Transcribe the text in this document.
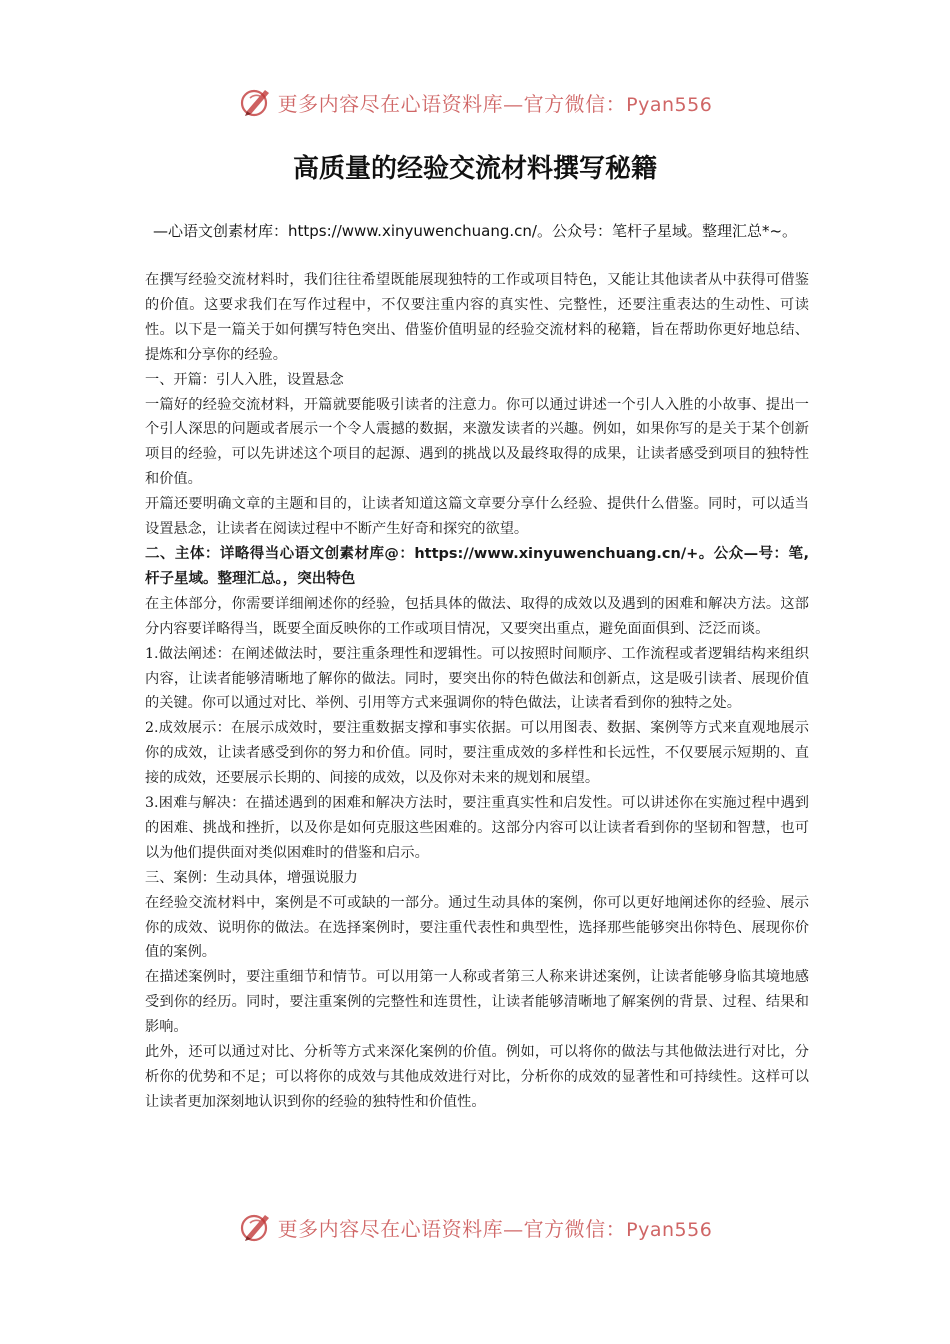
更多内容尽在心语资料库—官方微信：Pyan556
高质量的经验交流材料撰写秘籍

—心语文创素材库：https://www.xinyuwenchuang.cn/。公众号：笔杆子星域。整理汇总*~。

在撰写经验交流材料时，我们往往希望既能展现独特的工作或项目特色，又能让其他读者从中获得可借鉴的价值。这要求我们在写作过程中，不仅要注重内容的真实性、完整性，还要注重表达的生动性、可读性。以下是一篇关于如何撰写特色突出、借鉴价值明显的经验交流材料的秘籍，旨在帮助你更好地总结、提炼和分享你的经验。

一、开篇：引人入胜，设置悬念

一篇好的经验交流材料，开篇就要能吸引读者的注意力。你可以通过讲述一个引人入胜的小故事、提出一个引人深思的问题或者展示一个令人震撼的数据，来激发读者的兴趣。例如，如果你写的是关于某个创新项目的经验，可以先讲述这个项目的起源、遇到的挑战以及最终取得的成果，让读者感受到项目的独特性和价值。

开篇还要明确文章的主题和目的，让读者知道这篇文章要分享什么经验、提供什么借鉴。同时，可以适当设置悬念，让读者在阅读过程中不断产生好奇和探究的欲望。

二、主体：详略得当心语文创素材库@：https://www.xinyuwenchuang.cn/+。公众—号：笔,杆子星域。整理汇总。，突出特色

在主体部分，你需要详细阐述你的经验，包括具体的做法、取得的成效以及遇到的困难和解决方法。这部分内容要详略得当，既要全面反映你的工作或项目情况，又要突出重点，避免面面俱到、泛泛而谈。

1.做法阐述：在阐述做法时，要注重条理性和逻辑性。可以按照时间顺序、工作流程或者逻辑结构来组织内容，让读者能够清晰地了解你的做法。同时，要突出你的特色做法和创新点，这是吸引读者、展现价值的关键。你可以通过对比、举例、引用等方式来强调你的特色做法，让读者看到你的独特之处。

2.成效展示：在展示成效时，要注重数据支撑和事实依据。可以用图表、数据、案例等方式来直观地展示你的成效，让读者感受到你的努力和价值。同时，要注重成效的多样性和长远性，不仅要展示短期的、直接的成效，还要展示长期的、间接的成效，以及你对未来的规划和展望。

3.困难与解决：在描述遇到的困难和解决方法时，要注重真实性和启发性。可以讲述你在实施过程中遇到的困难、挑战和挫折，以及你是如何克服这些困难的。这部分内容可以让读者看到你的坚韧和智慧，也可以为他们提供面对类似困难时的借鉴和启示。

三、案例：生动具体，增强说服力

在经验交流材料中，案例是不可或缺的一部分。通过生动具体的案例，你可以更好地阐述你的经验、展示你的成效、说明你的做法。在选择案例时，要注重代表性和典型性，选择那些能够突出你特色、展现你价值的案例。

在描述案例时，要注重细节和情节。可以用第一人称或者第三人称来讲述案例，让读者能够身临其境地感受到你的经历。同时，要注重案例的完整性和连贯性，让读者能够清晰地了解案例的背景、过程、结果和影响。

此外，还可以通过对比、分析等方式来深化案例的价值。例如，可以将你的做法与其他做法进行对比，分析你的优势和不足；可以将你的成效与其他成效进行对比，分析你的成效的显著性和可持续性。这样可以让读者更加深刻地认识到你的经验的独特性和价值性。

更多内容尽在心语资料库—官方微信：Pyan556
